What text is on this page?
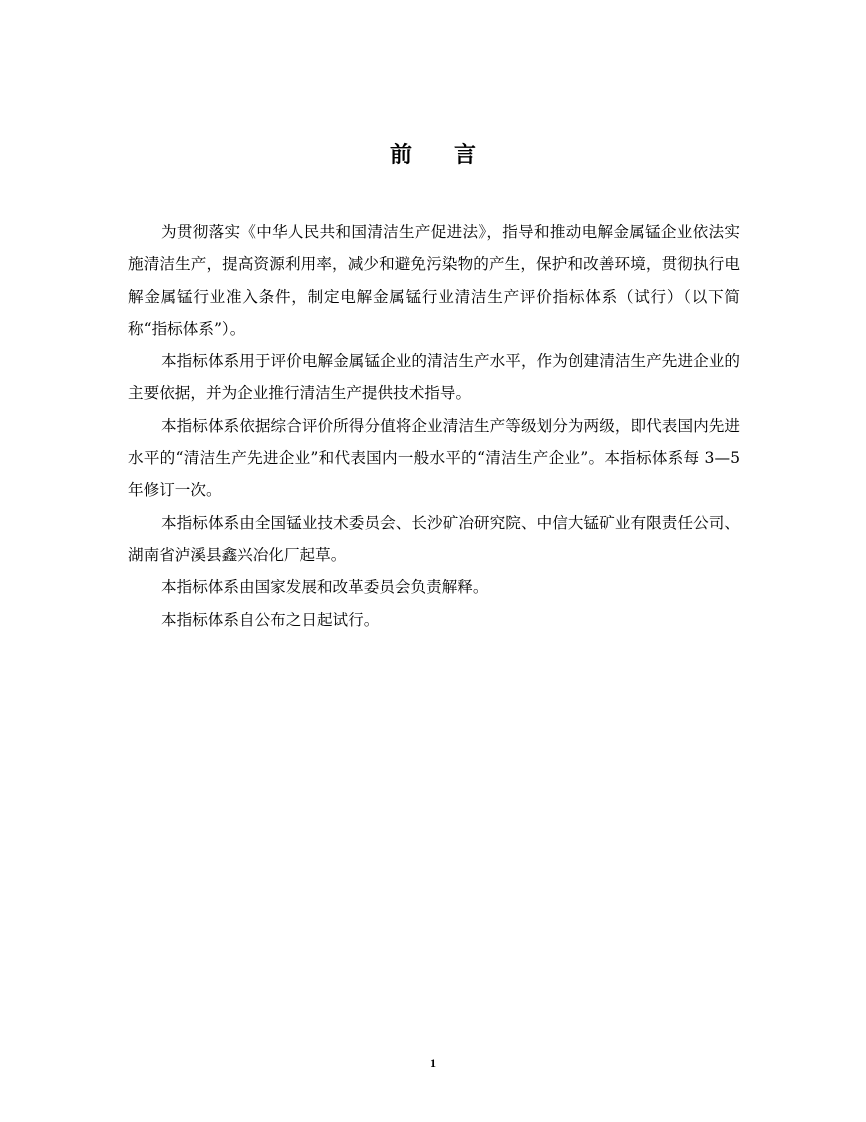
前 言

为贯彻落实《中华人民共和国清洁生产促进法》，指导和推动电解金属锰企业依法实施清洁生产，提高资源利用率，减少和避免污染物的产生，保护和改善环境，贯彻执行电解金属锰行业准入条件，制定电解金属锰行业清洁生产评价指标体系（试行）（以下简称“指标体系”）。

本指标体系用于评价电解金属锰企业的清洁生产水平，作为创建清洁生产先进企业的主要依据，并为企业推行清洁生产提供技术指导。

本指标体系依据综合评价所得分值将企业清洁生产等级划分为两级，即代表国内先进水平的“清洁生产先进企业”和代表国内一般水平的“清洁生产企业”。本指标体系每 3—5 年修订一次。

本指标体系由全国锰业技术委员会、长沙矿冶研究院、中信大锰矿业有限责任公司、 湖南省泸溪县鑫兴冶化厂起草。

本指标体系由国家发展和改革委员会负责解释。

本指标体系自公布之日起试行。

1
